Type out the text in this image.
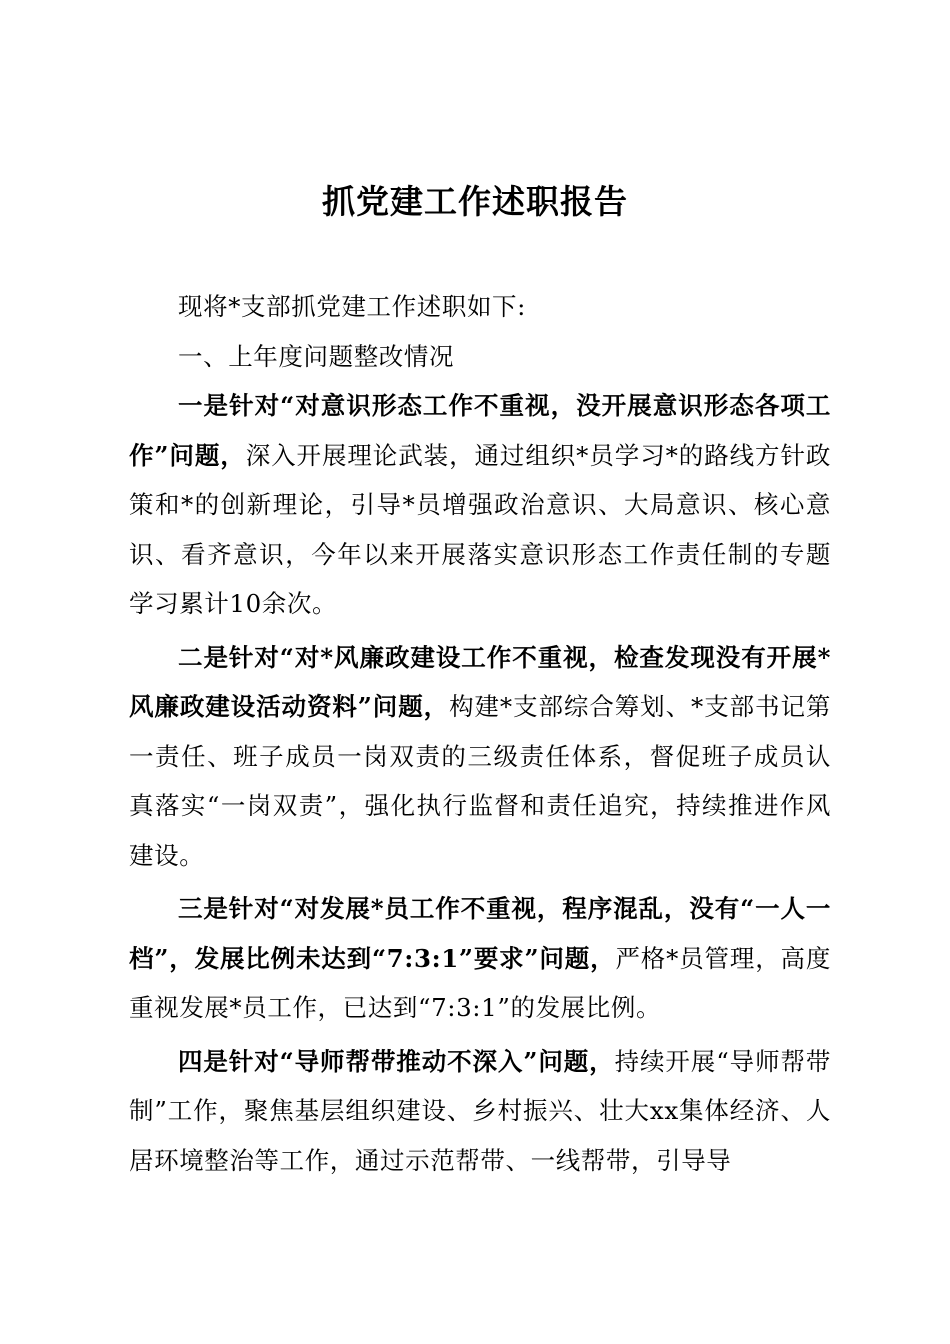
抓党建工作述职报告

现将*支部抓党建工作述职如下:

一、上年度问题整改情况

一是针对“对意识形态工作不重视，没开展意识形态各项工作”问题，深入开展理论武装，通过组织*员学习*的路线方针政策和*的创新理论，引导*员增强政治意识、大局意识、核心意识、看齐意识，今年以来开展落实意识形态工作责任制的专题学习累计10余次。

二是针对“对*风廉政建设工作不重视，检查发现没有开展*风廉政建设活动资料”问题，构建*支部综合筹划、*支部书记第一责任、班子成员一岗双责的三级责任体系，督促班子成员认真落实“一岗双责”，强化执行监督和责任追究，持续推进作风建设。

三是针对“对发展*员工作不重视，程序混乱，没有“一人一档”，发展比例未达到“7:3:1”要求”问题，严格*员管理，高度重视发展*员工作，已达到“7:3:1”的发展比例。

四是针对“导师帮带推动不深入”问题，持续开展“导师帮带制”工作，聚焦基层组织建设、乡村振兴、壮大xx集体经济、人居环境整治等工作，通过示范帮带、一线帮带，引导导
